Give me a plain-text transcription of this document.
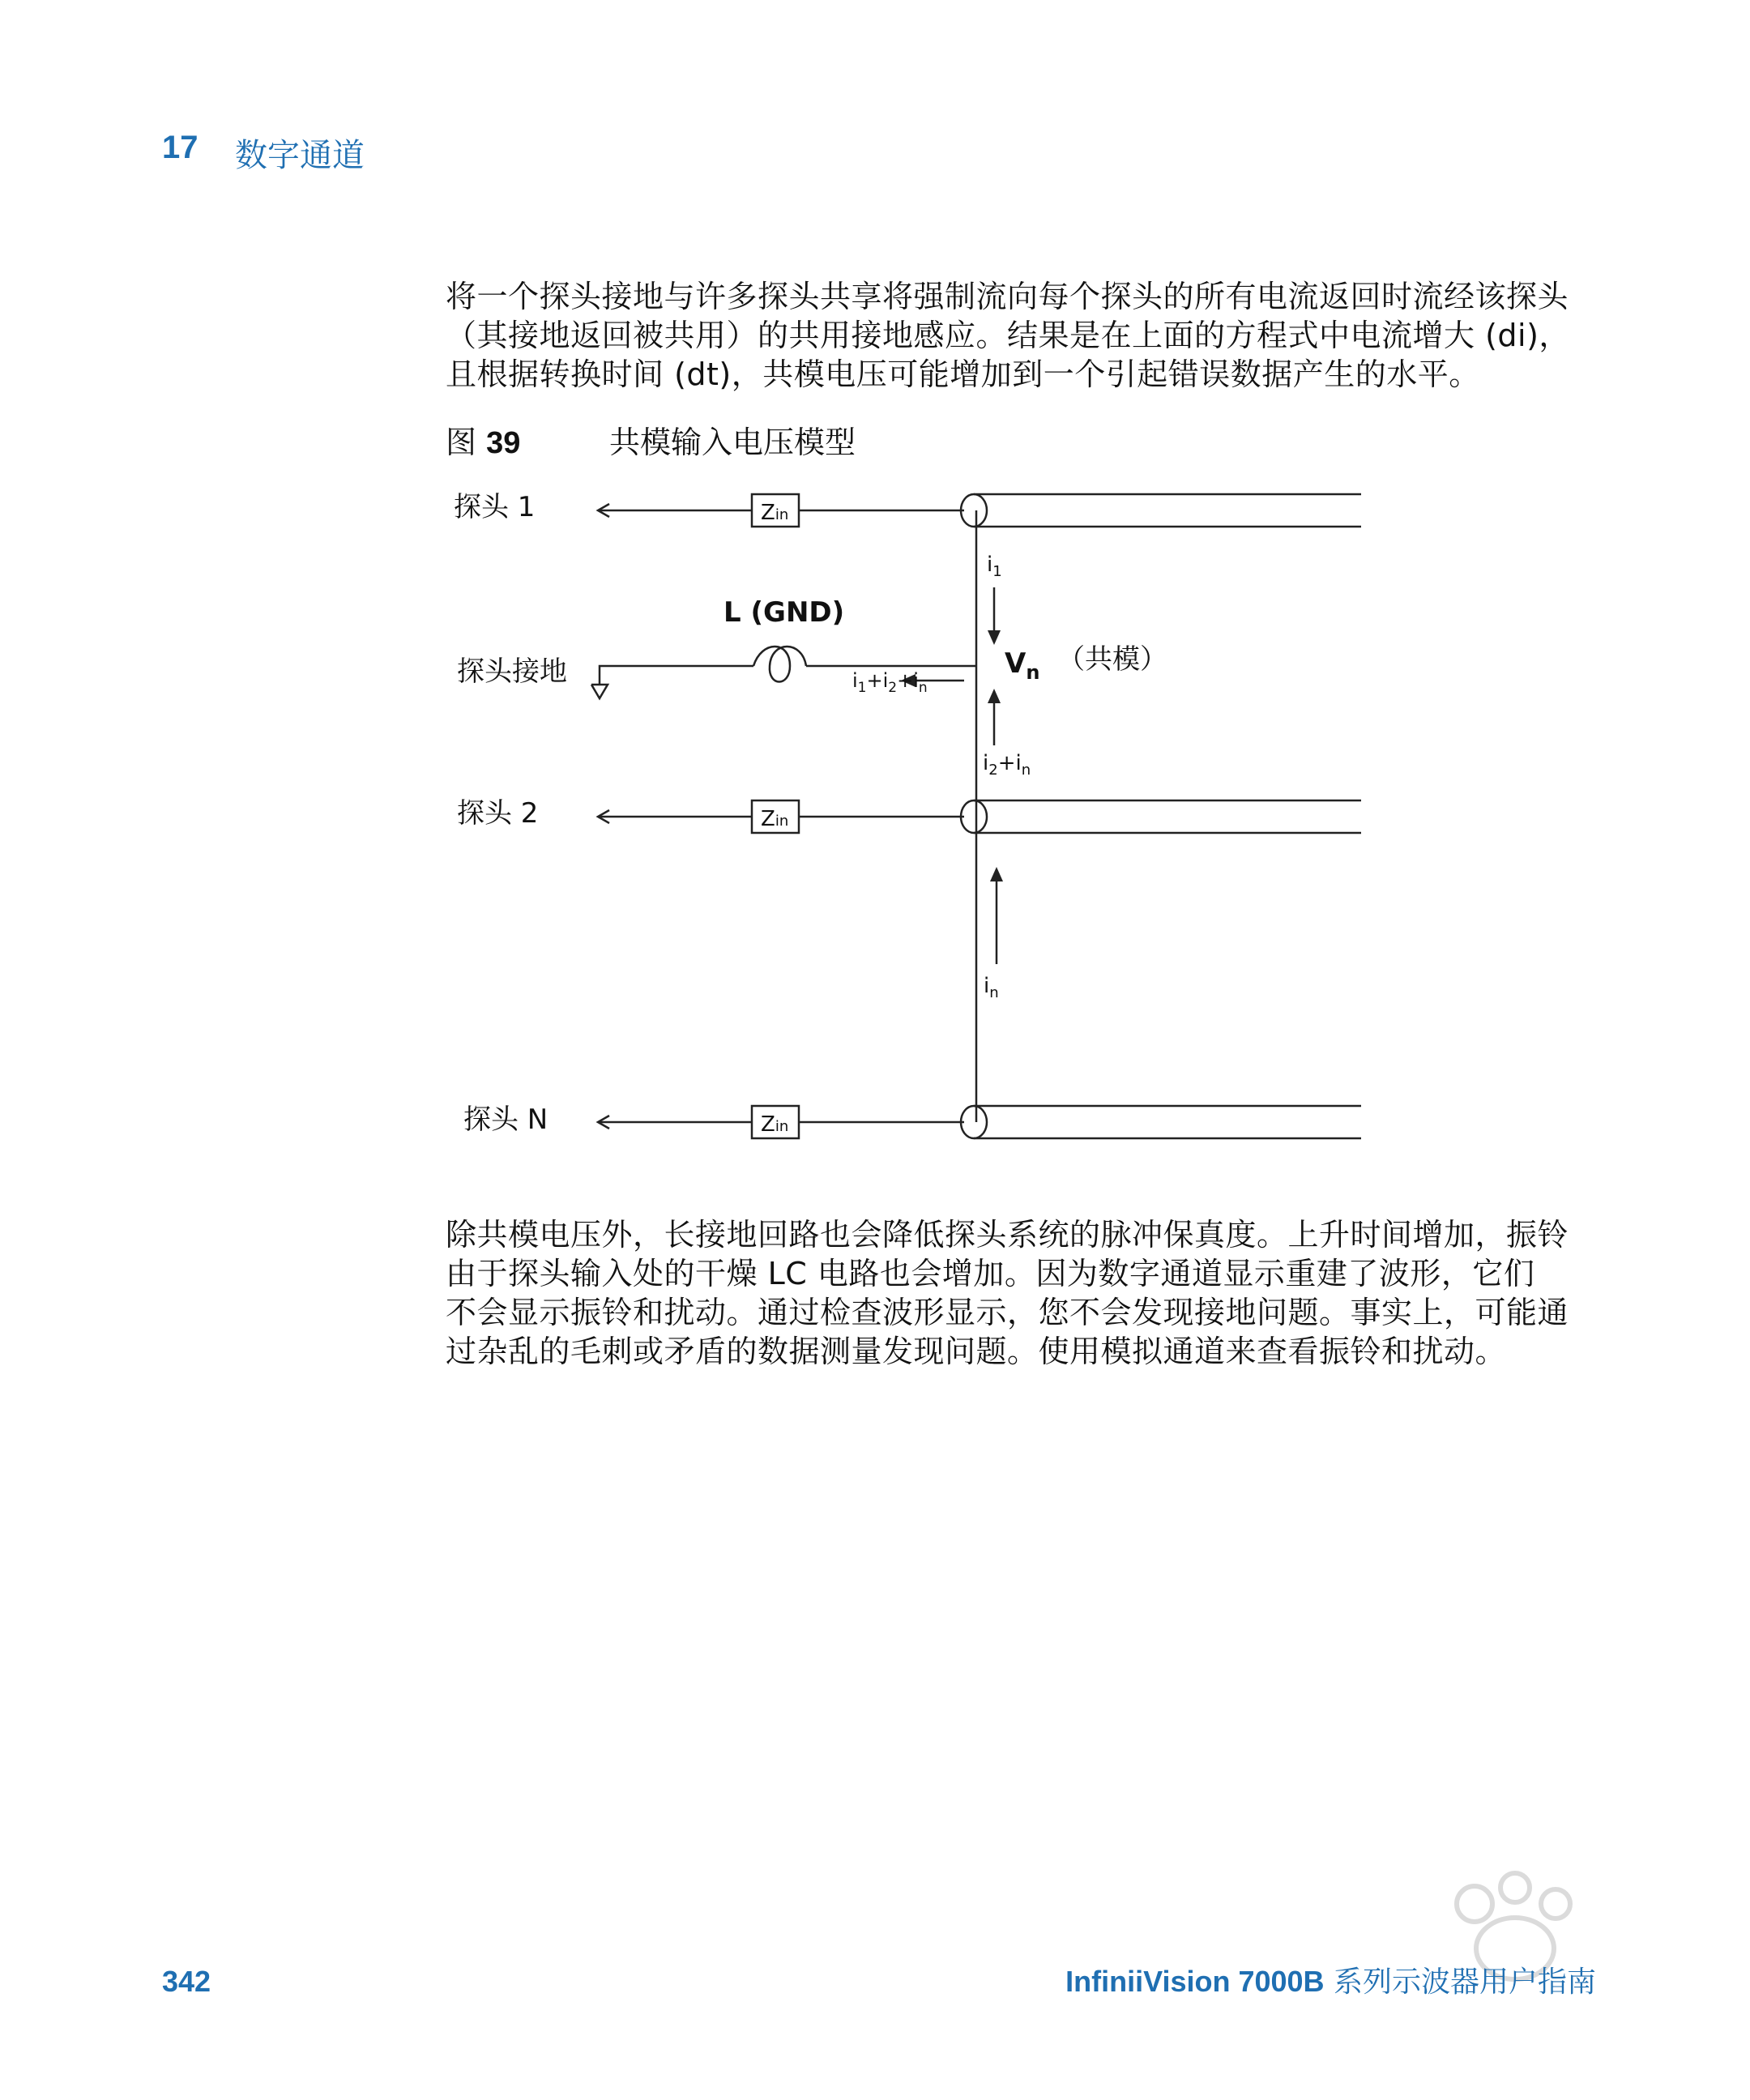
17 数字通道
将一个探头接地与许多探头共享将强制流向每个探头的所有电流返回时流经该探头
（其接地返回被共用）的共用接地感应。结果是在上面的方程式中电流增大 (di)，
且根据转换时间 (dt)，共模电压可能增加到一个引起错误数据产生的水平。
图 39	共模输入电压模型
探头 1
探头接地
探头 2
探头 N
Zin
Zin
Zin
L (GND)
$V_n$ （共模）
$i_1$
$i_1+i_2+i_n$
$i_2+i_n$
$i_n$
除共模电压外，长接地回路也会降低探头系统的脉冲保真度。上升时间增加，振铃
由于探头输入处的干燥 LC 电路也会增加。因为数字通道显示重建了波形，它们
不会显示振铃和扰动。通过检查波形显示，您不会发现接地问题。事实上，可能通
过杂乱的毛刺或矛盾的数据测量发现问题。使用模拟通道来查看振铃和扰动。
342	InfiniiVision 7000B 系列示波器用户指南
